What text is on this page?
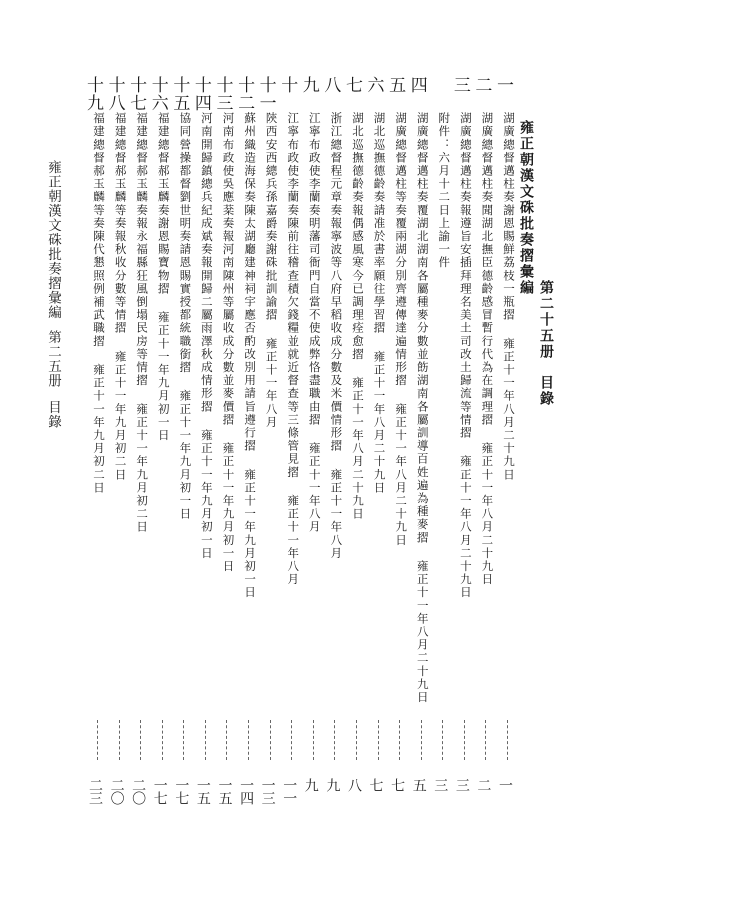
雍正朝漢文硃批奏摺彙編
第二十五册
目錄
一
湖廣總督邁柱奏謝恩賜鮮荔枝一瓶摺 雍正十一年八月二十九日
一
二
湖廣總督邁柱奏聞湖北撫臣德齡感冒暫行代為在調理摺 雍正十一年八月二十九日
二
三
湖廣總督邁柱奏報遵旨安插拜理名美土司改土歸流等情摺 雍正十一年八月二十九日
三
附件：六月十二日上諭一件
三
四
湖廣總督邁柱奏覆湖北湖南各屬種麥分數並飭湖南各屬訓導百姓遍為種麥摺 雍正十一年八月二十九日
五
五
湖廣總督邁柱等奏覆兩湖分別齊遵傳達遍情形摺 雍正十一年八月二十九日
七
六
湖北巡撫德齡奏請准於書率願往學習摺 雍正十一年八月二十九日
七
七
湖北巡撫德齡奏報偶感風寒今已調理痊愈摺 雍正十一年八月二十九日
八
八
浙江總督程元章奏報寧波等八府早稻收成分數及米價情形摺 雍正十一年八月
九
九
江寧布政使李蘭奏明藩司衙門自當不使成弊恪盡職由摺 雍正十一年八月
九
十
江寧布政使李蘭奏陳前往稽查積欠錢糧並就近督查等三條管見摺 雍正十一年八月
一一
十一
陝西安西總兵孫嘉爵奏謝硃批訓諭摺 雍正十一年八月
一三
十二
蘇州織造海保奏陳太湖廳建神祠宇應否酌改別用請旨遵行摺 雍正十一年九月初一日
一四
十三
河南布政使吳應棻奏報河南陳州等屬收成分數並麥價摺 雍正十一年九月初一日
一五
十四
河南開歸鎮總兵紀成斌奏報開歸二屬雨澤秋成情形摺 雍正十一年九月初一日
一五
十五
協同營操都督劉世明奏請恩賜實授都統職銜摺 雍正十一年九月初一日
一七
十六
福建總督郝玉麟奏謝恩賜寶物摺 雍正十一年九月初一日
一七
十七
福建總督郝玉麟奏報永福縣狂風倒塌民房等情摺 雍正十一年九月初二日
二〇
十八
福建總督郝玉麟等奏報秋收分數等情摺 雍正十一年九月初二日
二〇
十九
福建總督郝玉麟等奏陳代懇照例補武職摺 雍正十一年九月初二日
二三
雍正朝漢文硃批奏摺彙編
第二五册
目錄
